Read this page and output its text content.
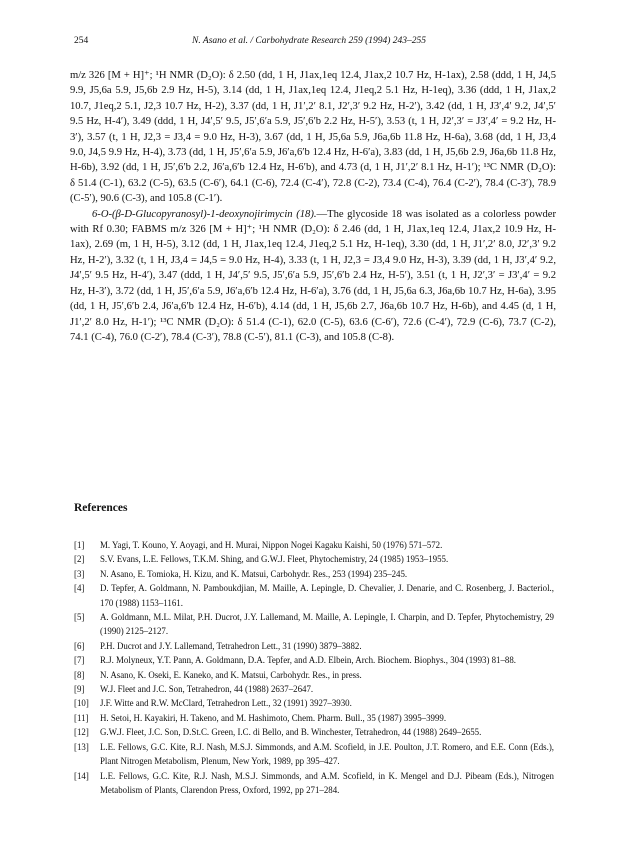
254	N. Asano et al. / Carbohydrate Research 259 (1994) 243–255

m/z 326 [M + H]⁺; ¹H NMR (D₂O): δ 2.50 (dd, 1 H, J1ax,1eq 12.4, J1ax,2 10.7 Hz, H-1ax), 2.58 (ddd, 1 H, J4,5 9.9, J5,6a 5.9, J5,6b 2.9 Hz, H-5), 3.14 (dd, 1 H, J1ax,1eq 12.4, J1eq,2 5.1 Hz, H-1eq), 3.36 (ddd, 1 H, J1ax,2 10.7, J1eq,2 5.1, J2,3 10.7 Hz, H-2), 3.37 (dd, 1 H, J1′,2′ 8.1, J2′,3′ 9.2 Hz, H-2′), 3.42 (dd, 1 H, J3′,4′ 9.2, J4′,5′ 9.5 Hz, H-4′), 3.49 (ddd, 1 H, J4′,5′ 9.5, J5′,6′a 5.9, J5′,6′b 2.2 Hz, H-5′), 3.53 (t, 1 H, J2′,3′ = J3′,4′ = 9.2 Hz, H-3′), 3.57 (t, 1 H, J2,3 = J3,4 = 9.0 Hz, H-3), 3.67 (dd, 1 H, J5,6a 5.9, J6a,6b 11.8 Hz, H-6a), 3.68 (dd, 1 H, J3,4 9.0, J4,5 9.9 Hz, H-4), 3.73 (dd, 1 H, J5′,6′a 5.9, J6′a,6′b 12.4 Hz, H-6′a), 3.83 (dd, 1 H, J5,6b 2.9, J6a,6b 11.8 Hz, H-6b), 3.92 (dd, 1 H, J5′,6′b 2.2, J6′a,6′b 12.4 Hz, H-6′b), and 4.73 (d, 1 H, J1′,2′ 8.1 Hz, H-1′); ¹³C NMR (D₂O): δ 51.4 (C-1), 63.2 (C-5), 63.5 (C-6′), 64.1 (C-6), 72.4 (C-4′), 72.8 (C-2), 73.4 (C-4), 76.4 (C-2′), 78.4 (C-3′), 78.9 (C-5′), 90.6 (C-3), and 105.8 (C-1′).

6-O-(β-D-Glucopyranosyl)-1-deoxynojirimycin (18).—The glycoside 18 was isolated as a colorless powder with Rf 0.30; FABMS m/z 326 [M + H]⁺; ¹H NMR (D₂O): δ 2.46 (dd, 1 H, J1ax,1eq 12.4, J1ax,2 10.9 Hz, H-1ax), 2.69 (m, 1 H, H-5), 3.12 (dd, 1 H, J1ax,1eq 12.4, J1eq,2 5.1 Hz, H-1eq), 3.30 (dd, 1 H, J1′,2′ 8.0, J2′,3′ 9.2 Hz, H-2′), 3.32 (t, 1 H, J3,4 = J4,5 = 9.0 Hz, H-4), 3.33 (t, 1 H, J2,3 = J3,4 9.0 Hz, H-3), 3.39 (dd, 1 H, J3′,4′ 9.2, J4′,5′ 9.5 Hz, H-4′), 3.47 (ddd, 1 H, J4′,5′ 9.5, J5′,6′a 5.9, J5′,6′b 2.4 Hz, H-5′), 3.51 (t, 1 H, J2′,3′ = J3′,4′ = 9.2 Hz, H-3′), 3.72 (dd, 1 H, J5′,6′a 5.9, J6′a,6′b 12.4 Hz, H-6′a), 3.76 (dd, 1 H, J5,6a 6.3, J6a,6b 10.7 Hz, H-6a), 3.95 (dd, 1 H, J5′,6′b 2.4, J6′a,6′b 12.4 Hz, H-6′b), 4.14 (dd, 1 H, J5,6b 2.7, J6a,6b 10.7 Hz, H-6b), and 4.45 (d, 1 H, J1′,2′ 8.0 Hz, H-1′); ¹³C NMR (D₂O): δ 51.4 (C-1), 62.0 (C-5), 63.6 (C-6′), 72.6 (C-4′), 72.9 (C-6), 73.7 (C-2), 74.1 (C-4), 76.0 (C-2′), 78.4 (C-3′), 78.8 (C-5′), 81.1 (C-3), and 105.8 (C-8).

References
[1] M. Yagi, T. Kouno, Y. Aoyagi, and H. Murai, Nippon Nogei Kagaku Kaishi, 50 (1976) 571–572.
[2] S.V. Evans, L.E. Fellows, T.K.M. Shing, and G.W.J. Fleet, Phytochemistry, 24 (1985) 1953–1955.
[3] N. Asano, E. Tomioka, H. Kizu, and K. Matsui, Carbohydr. Res., 253 (1994) 235–245.
[4] D. Tepfer, A. Goldmann, N. Pamboukdjian, M. Maille, A. Lepingle, D. Chevalier, J. Denarie, and C. Rosenberg, J. Bacteriol., 170 (1988) 1153–1161.
[5] A. Goldmann, M.L. Milat, P.H. Ducrot, J.Y. Lallemand, M. Maille, A. Lepingle, I. Charpin, and D. Tepfer, Phytochemistry, 29 (1990) 2125–2127.
[6] P.H. Ducrot and J.Y. Lallemand, Tetrahedron Lett., 31 (1990) 3879–3882.
[7] R.J. Molyneux, Y.T. Pann, A. Goldmann, D.A. Tepfer, and A.D. Elbein, Arch. Biochem. Biophys., 304 (1993) 81–88.
[8] N. Asano, K. Oseki, E. Kaneko, and K. Matsui, Carbohydr. Res., in press.
[9] W.J. Fleet and J.C. Son, Tetrahedron, 44 (1988) 2637–2647.
[10] J.F. Witte and R.W. McClard, Tetrahedron Lett., 32 (1991) 3927–3930.
[11] H. Setoi, H. Kayakiri, H. Takeno, and M. Hashimoto, Chem. Pharm. Bull., 35 (1987) 3995–3999.
[12] G.W.J. Fleet, J.C. Son, D.St.C. Green, I.C. di Bello, and B. Winchester, Tetrahedron, 44 (1988) 2649–2655.
[13] L.E. Fellows, G.C. Kite, R.J. Nash, M.S.J. Simmonds, and A.M. Scofield, in J.E. Poulton, J.T. Romero, and E.E. Conn (Eds.), Plant Nitrogen Metabolism, Plenum, New York, 1989, pp 395–427.
[14] L.E. Fellows, G.C. Kite, R.J. Nash, M.S.J. Simmonds, and A.M. Scofield, in K. Mengel and D.J. Pibeam (Eds.), Nitrogen Metabolism of Plants, Clarendon Press, Oxford, 1992, pp 271–284.
